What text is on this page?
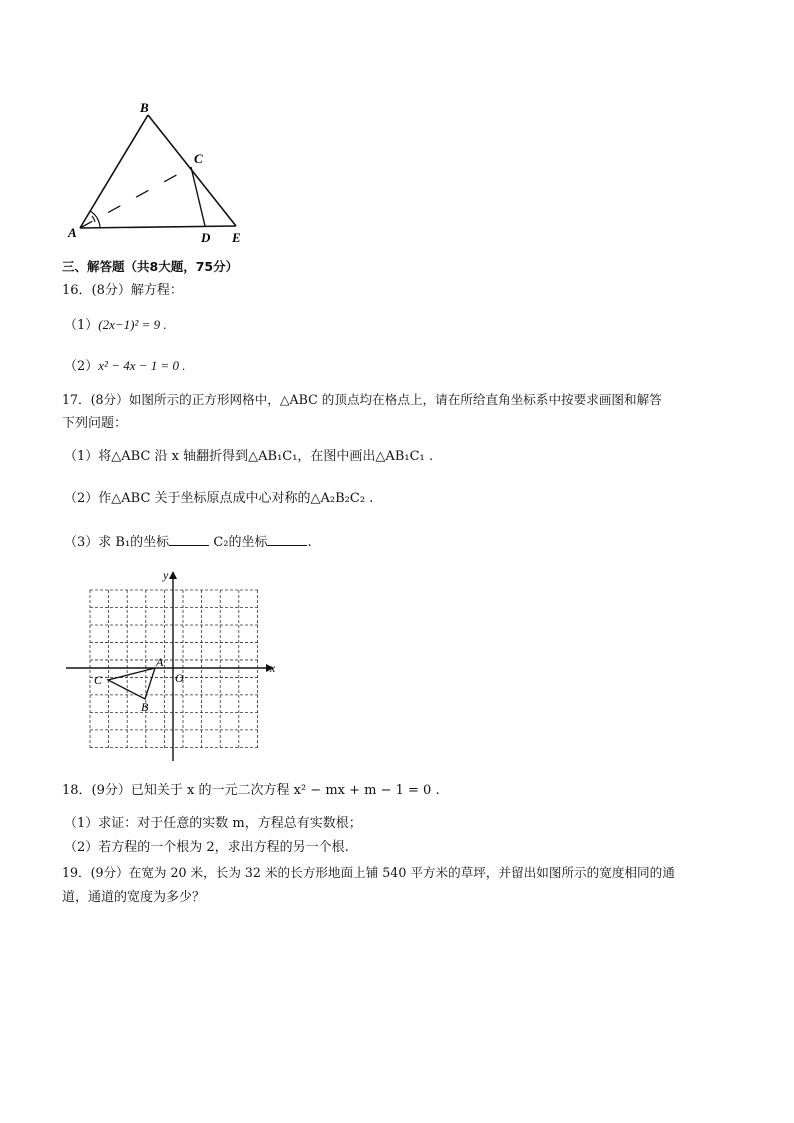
B
C
A	D E
三、解答题（共8大题，75分）
16．(8分）解方程：
（1）(2x−1)² = 9 .
（2）x² − 4x − 1 = 0 .
17．(8分）如图所示的正方形网格中，△ABC 的顶点均在格点上，请在所给直角坐标系中按要求画图和解答
下列问题：
（1）将△ABC 沿 x 轴翻折得到△AB₁C₁，在图中画出△AB₁C₁ .
（2）作△ABC 关于坐标原点成中心对称的△A₂B₂C₂ .
（3）求 B₁的坐标	C₂的坐标	.
x
y
O
A
B
C
18．(9分）已知关于 x 的一元二次方程 x² − mx + m − 1 = 0 .
（1）求证：对于任意的实数 m，方程总有实数根；
（2）若方程的一个根为 2，求出方程的另一个根.
19．(9分）在宽为 20 米，长为 32 米的长方形地面上铺 540 平方米的草坪，并留出如图所示的宽度相同的通
道，通道的宽度为多少？
